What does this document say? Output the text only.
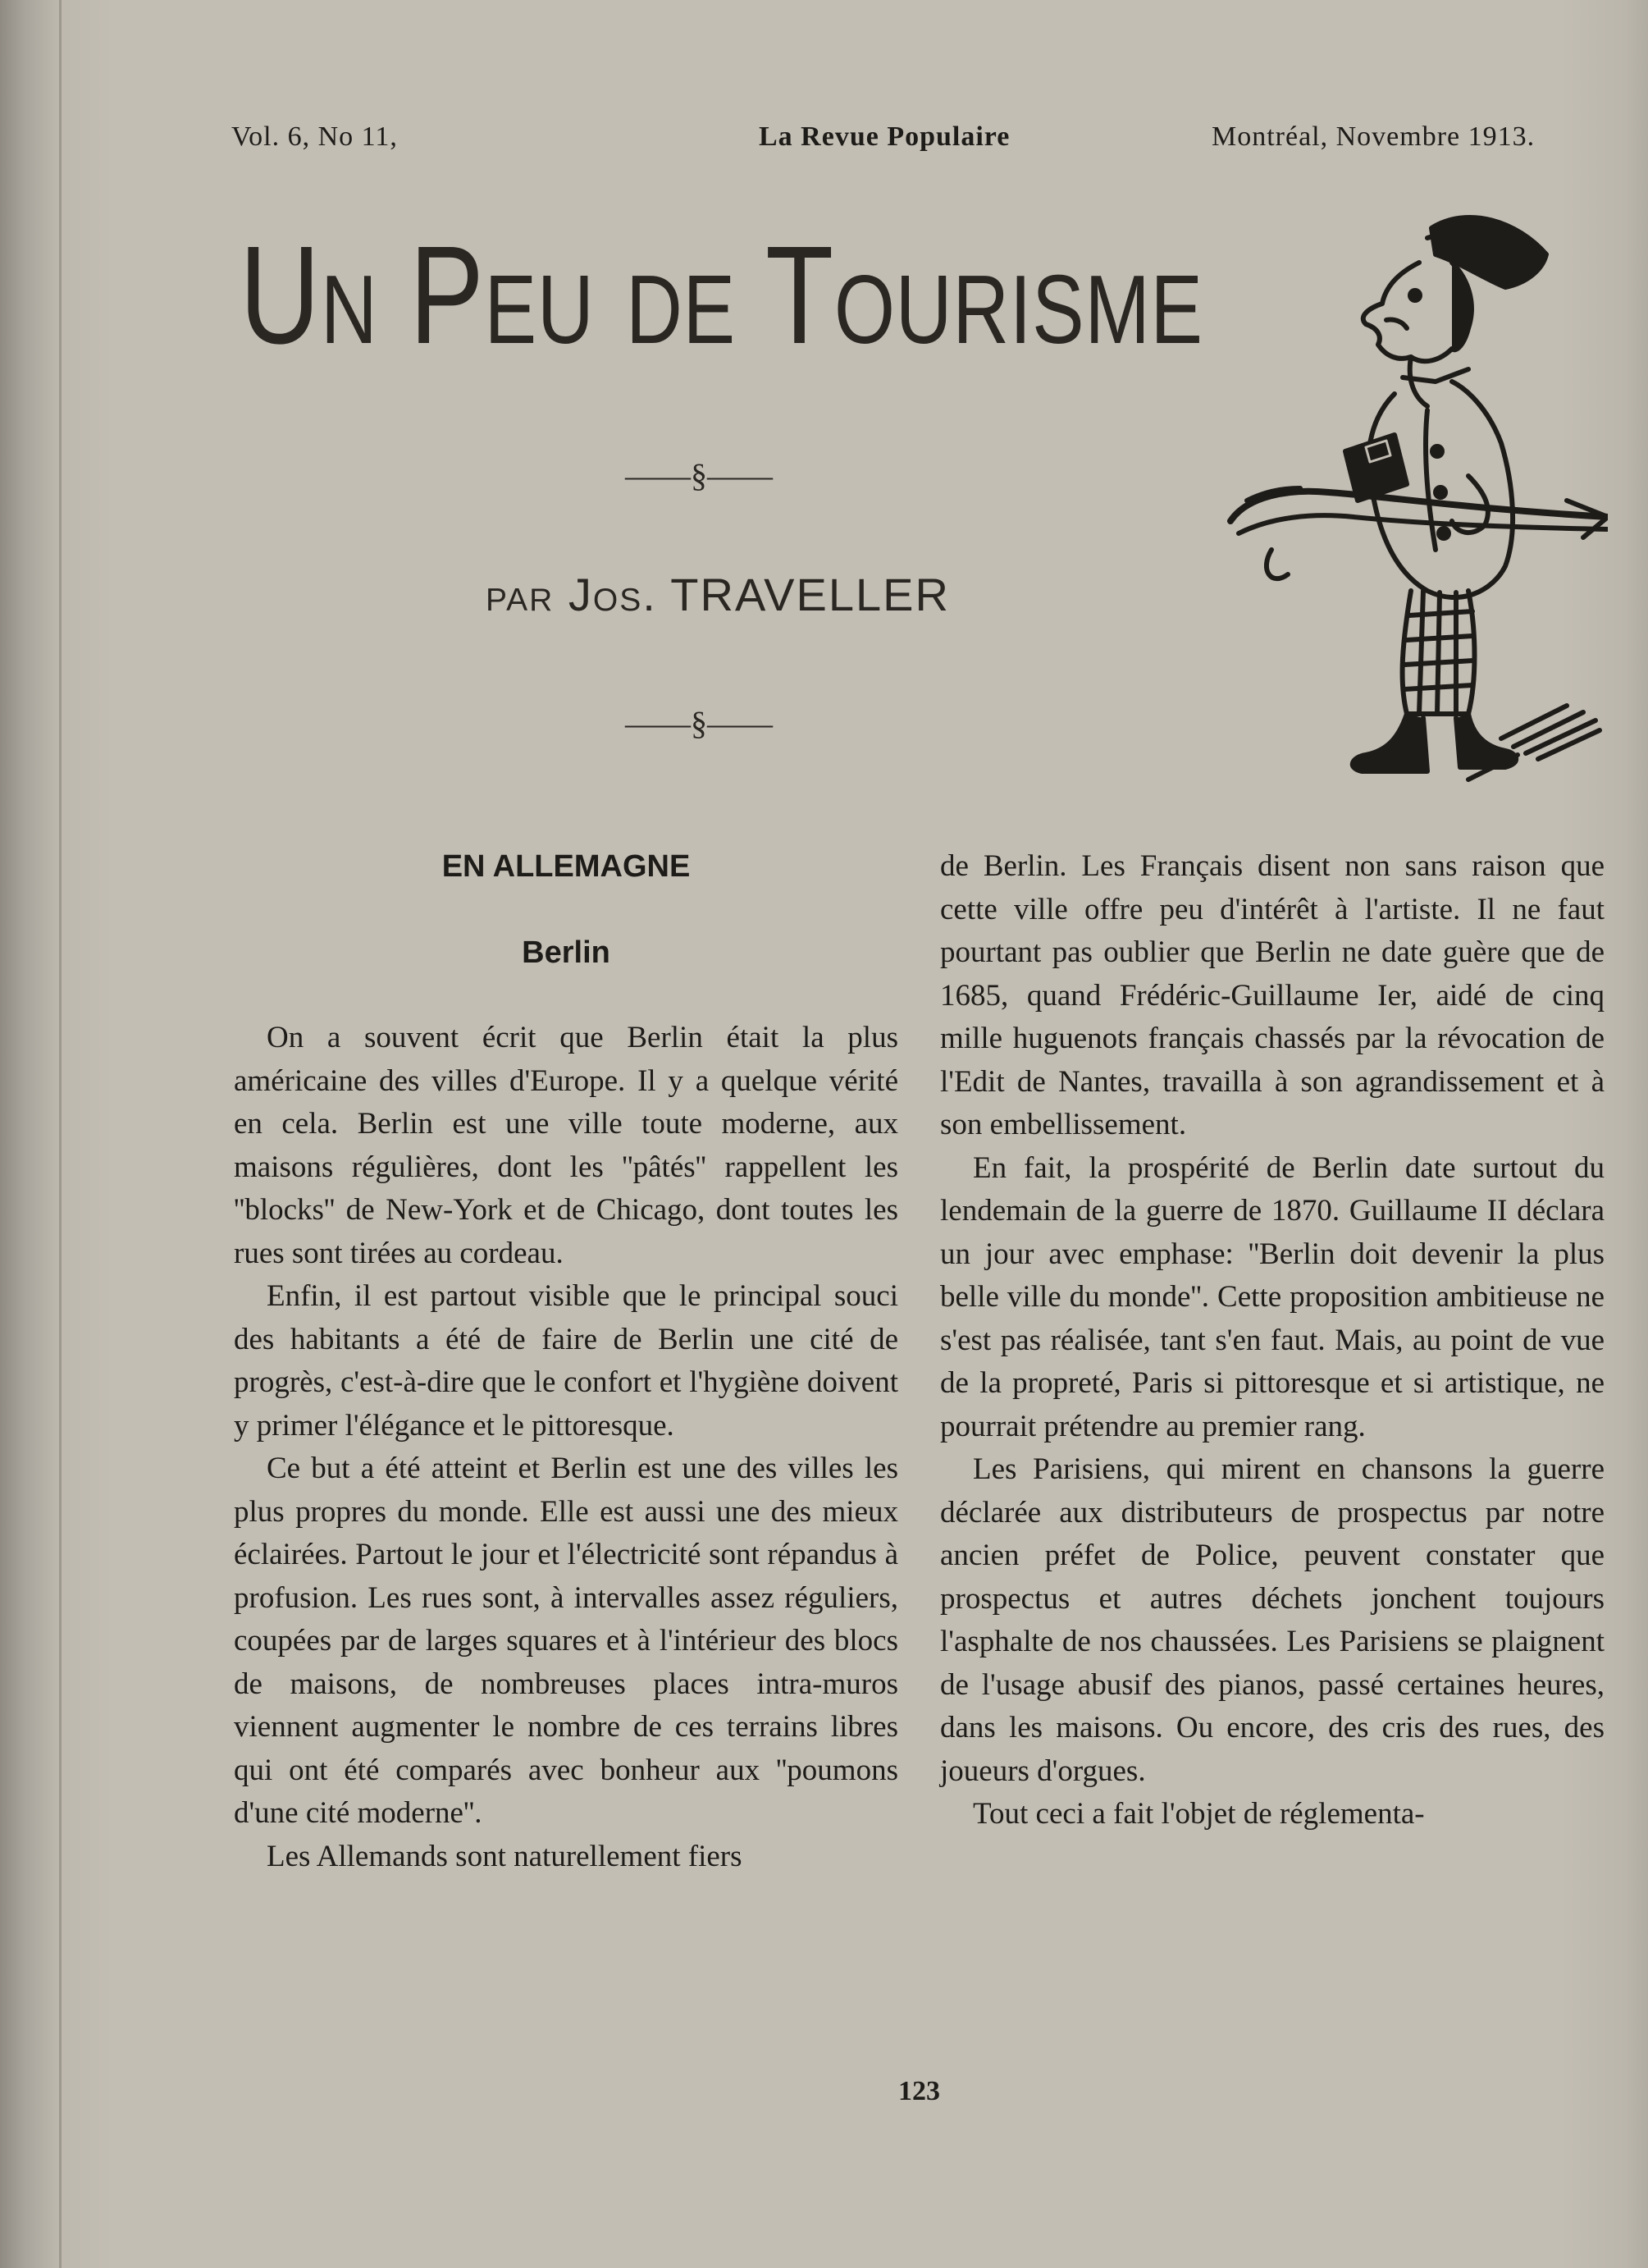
Vol. 6, No 11,	La Revue Populaire	Montréal, Novembre 1913.
Un Peu de Tourisme
——§——
par Jos. TRAVELLER
——§——
EN ALLEMAGNE
Berlin

On a souvent écrit que Berlin était la plus américaine des villes d'Europe. Il y a quelque vérité en cela. Berlin est une ville toute moderne, aux maisons régulières, dont les ''pâtés'' rappellent les ''blocks'' de New-York et de Chicago, dont toutes les rues sont tirées au cordeau.

Enfin, il est partout visible que le principal souci des habitants a été de faire de Berlin une cité de progrès, c'est-à-dire que le confort et l'hygiène doivent y primer l'élégance et le pittoresque.

Ce but a été atteint et Berlin est une des villes les plus propres du monde. Elle est aussi une des mieux éclairées. Partout le jour et l'électricité sont répandus à profusion. Les rues sont, à intervalles assez réguliers, coupées par de larges squares et à l'intérieur des blocs de maisons, de nombreuses places intra-muros viennent augmenter le nombre de ces terrains libres qui ont été comparés avec bonheur aux ''poumons d'une cité moderne''.

Les Allemands sont naturellement fiers

de Berlin. Les Français disent non sans raison que cette ville offre peu d'intérêt à l'artiste. Il ne faut pourtant pas oublier que Berlin ne date guère que de 1685, quand Frédéric-Guillaume Ier, aidé de cinq mille huguenots français chassés par la révocation de l'Edit de Nantes, travailla à son agrandissement et à son embellissement.

En fait, la prospérité de Berlin date surtout du lendemain de la guerre de 1870. Guillaume II déclara un jour avec emphase: ''Berlin doit devenir la plus belle ville du monde''. Cette proposition ambitieuse ne s'est pas réalisée, tant s'en faut. Mais, au point de vue de la propreté, Paris si pittoresque et si artistique, ne pourrait prétendre au premier rang.

Les Parisiens, qui mirent en chansons la guerre déclarée aux distributeurs de prospectus par notre ancien préfet de Police, peuvent constater que prospectus et autres déchets jonchent toujours l'asphalte de nos chaussées. Les Parisiens se plaignent de l'usage abusif des pianos, passé certaines heures, dans les maisons. Ou encore, des cris des rues, des joueurs d'orgues.

Tout ceci a fait l'objet de réglementa-

123
